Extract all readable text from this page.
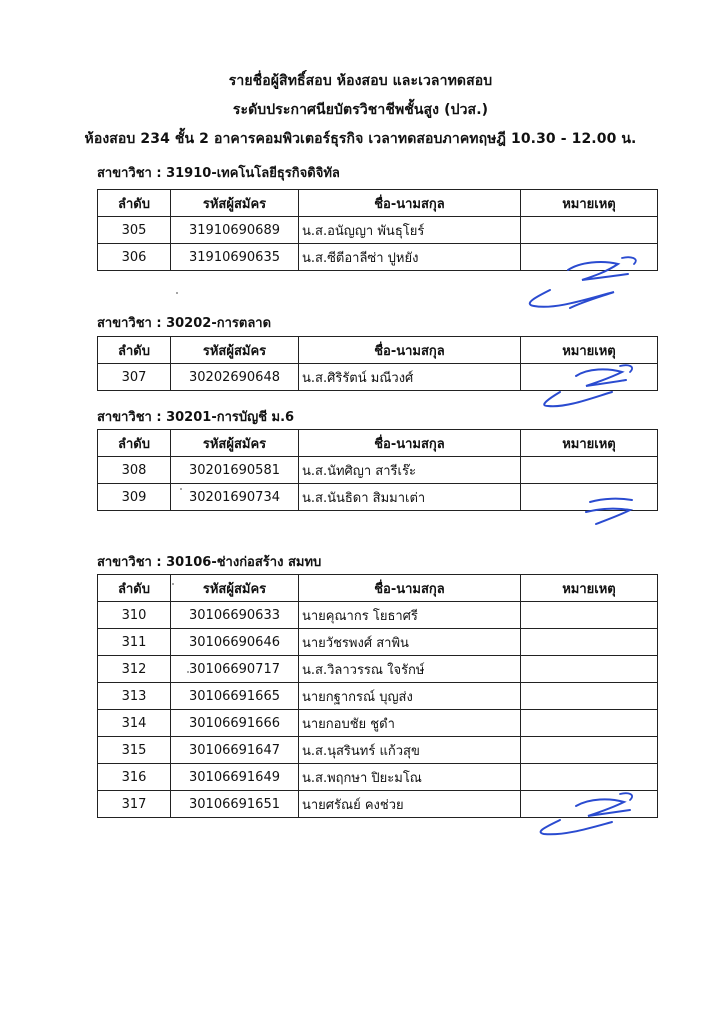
รายชื่อผู้สิทธิ์สอบ ห้องสอบ และเวลาทดสอบ
ระดับประกาศนียบัตรวิชาชีพชั้นสูง (ปวส.)
ห้องสอบ 234 ชั้น 2 อาคารคอมพิวเตอร์ธุรกิจ เวลาทดสอบภาคทฤษฎี 10.30 - 12.00 น.
สาขาวิชา : 31910-เทคโนโลยีธุรกิจดิจิทัล
ลำดับ	รหัสผู้สมัคร	ชื่อ-นามสกุล	หมายเหตุ
305	31910690689	น.ส.อนัญญา พันธุโยร์	
306	31910690635	น.ส.ซีตีอาลีซ่า ปูหยัง	
สาขาวิชา : 30202-การตลาด
ลำดับ	รหัสผู้สมัคร	ชื่อ-นามสกุล	หมายเหตุ
307	30202690648	น.ส.ศิริรัตน์ มณีวงศ์	
สาขาวิชา : 30201-การบัญชี ม.6
ลำดับ	รหัสผู้สมัคร	ชื่อ-นามสกุล	หมายเหตุ
308	30201690581	น.ส.นัทศิญา สารีเร๊ะ	
309	30201690734	น.ส.นันธิดา สิมมาเต่า	
สาขาวิชา : 30106-ช่างก่อสร้าง สมทบ
ลำดับ	รหัสผู้สมัคร	ชื่อ-นามสกุล	หมายเหตุ
310	30106690633	นายคุณากร โยธาศรี	
311	30106690646	นายวัชรพงศ์ สาพิน	
312	30106690717	น.ส.วิลาวรรณ ใจรักษ์	
313	30106691665	นายกฐากรณ์ บุญส่ง	
314	30106691666	นายกอบชัย ชูดำ	
315	30106691647	น.ส.นุสรินทร์ แก้วสุข	
316	30106691649	น.ส.พฤกษา ปิยะมโณ	
317	30106691651	นายศรัณย์ คงช่วย	
